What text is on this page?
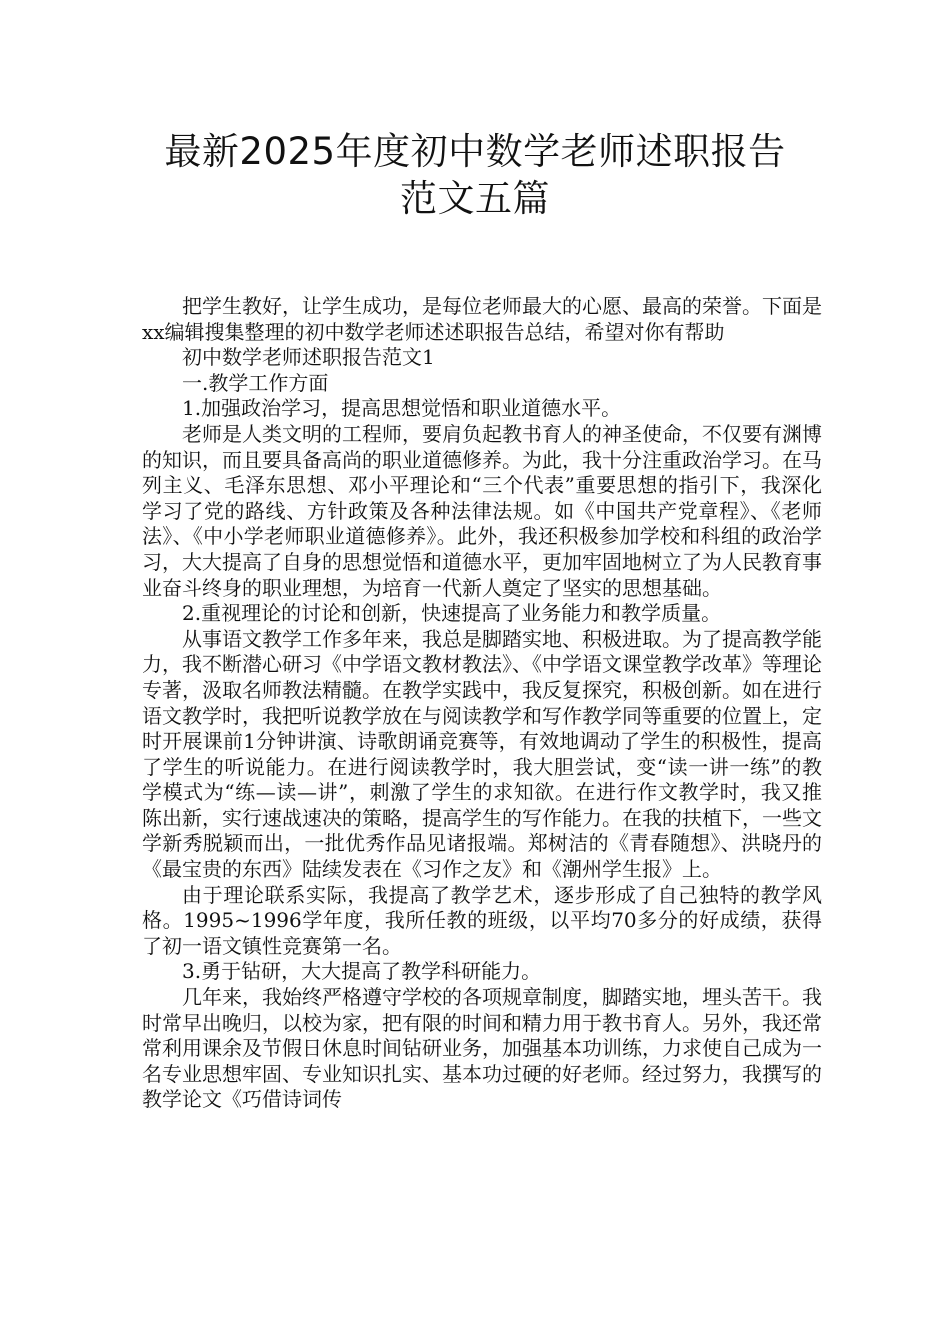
最新2025年度初中数学老师述职报告
范文五篇

把学生教好，让学生成功，是每位老师最大的心愿、最高的荣誉。下面是xx编辑搜集整理的初中数学老师述述职报告总结，希望对你有帮助

初中数学老师述职报告范文1

一.教学工作方面

1.加强政治学习，提高思想觉悟和职业道德水平。

老师是人类文明的工程师，要肩负起教书育人的神圣使命，不仅要有渊博的知识，而且要具备高尚的职业道德修养。为此，我十分注重政治学习。在马列主义、毛泽东思想、邓小平理论和“三个代表”重要思想的指引下，我深化学习了党的路线、方针政策及各种法律法规。如《中国共产党章程》、《老师法》、《中小学老师职业道德修养》。此外，我还积极参加学校和科组的政治学习，大大提高了自身的思想觉悟和道德水平，更加牢固地树立了为人民教育事业奋斗终身的职业理想，为培育一代新人奠定了坚实的思想基础。

2.重视理论的讨论和创新，快速提高了业务能力和教学质量。

从事语文教学工作多年来，我总是脚踏实地、积极进取。为了提高教学能力，我不断潜心研习《中学语文教材教法》、《中学语文课堂教学改革》等理论专著，汲取名师教法精髓。在教学实践中，我反复探究，积极创新。如在进行语文教学时，我把听说教学放在与阅读教学和写作教学同等重要的位置上，定时开展课前1分钟讲演、诗歌朗诵竞赛等，有效地调动了学生的积极性，提高了学生的听说能力。在进行阅读教学时，我大胆尝试，变“读一讲一练”的教学模式为“练—读—讲”，刺激了学生的求知欲。在进行作文教学时，我又推陈出新，实行速战速决的策略，提高学生的写作能力。在我的扶植下，一些文学新秀脱颖而出，一批优秀作品见诸报端。郑树洁的《青春随想》、洪晓丹的《最宝贵的东西》陆续发表在《习作之友》和《潮州学生报》上。

由于理论联系实际，我提高了教学艺术，逐步形成了自己独特的教学风格。1995~1996学年度，我所任教的班级，以平均70多分的好成绩，获得了初一语文镇性竞赛第一名。

3.勇于钻研，大大提高了教学科研能力。

几年来，我始终严格遵守学校的各项规章制度，脚踏实地，埋头苦干。我时常早出晚归，以校为家，把有限的时间和精力用于教书育人。另外，我还常常利用课余及节假日休息时间钻研业务，加强基本功训练，力求使自己成为一名专业思想牢固、专业知识扎实、基本功过硬的好老师。经过努力，我撰写的教学论文《巧借诗词传
